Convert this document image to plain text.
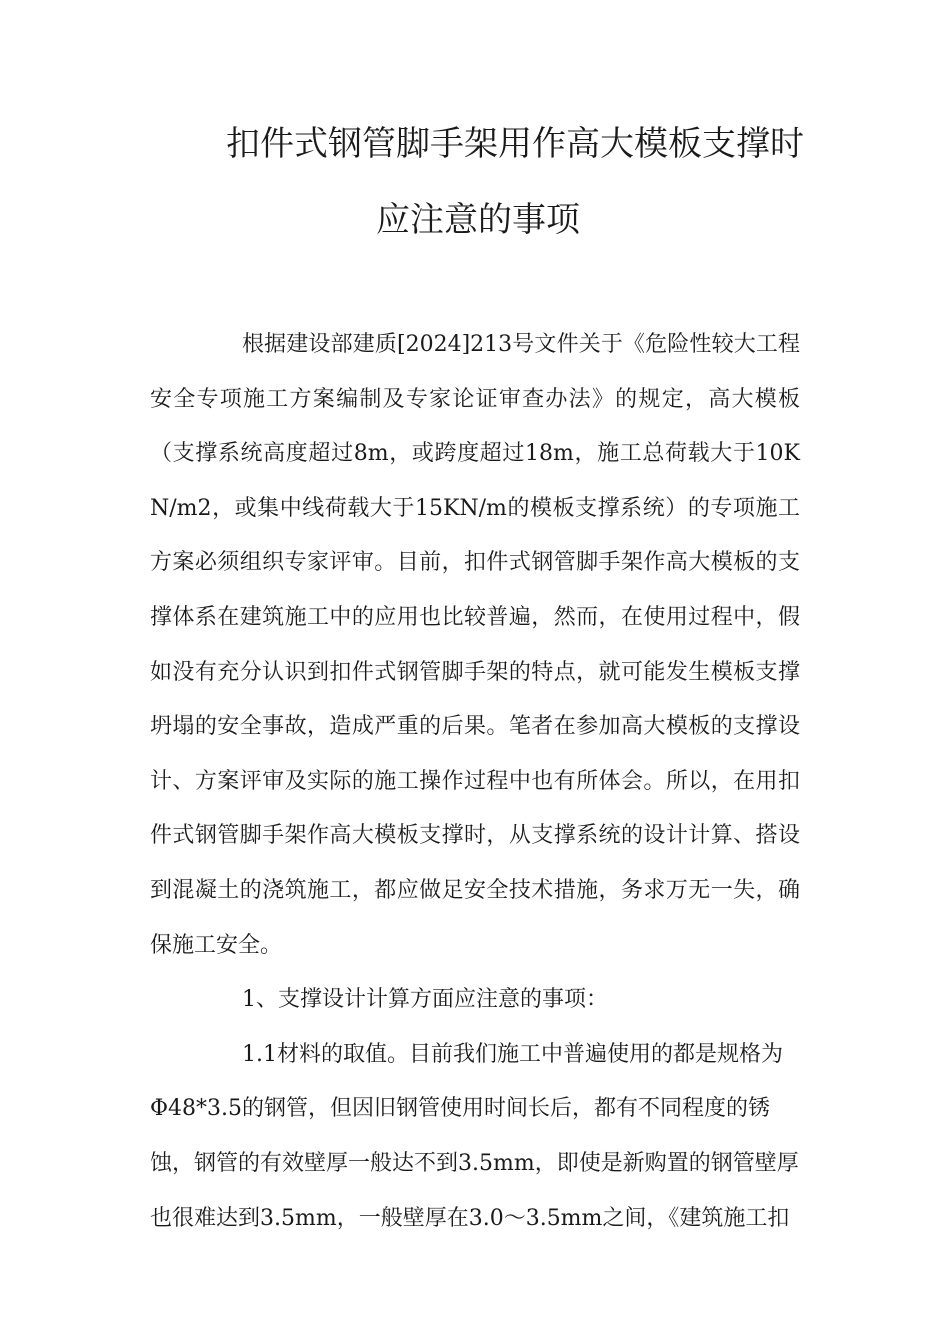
扣件式钢管脚手架用作高大模板支撑时
应注意的事项

根据建设部建质[2024]213号文件关于《危险性较大工程安全专项施工方案编制及专家论证审查办法》的规定，高大模板（支撑系统高度超过8m，或跨度超过18m，施工总荷载大于10KN/m2，或集中线荷载大于15KN/m的模板支撑系统）的专项施工方案必须组织专家评审。目前，扣件式钢管脚手架作高大模板的支撑体系在建筑施工中的应用也比较普遍，然而，在使用过程中，假如没有充分认识到扣件式钢管脚手架的特点，就可能发生模板支撑坍塌的安全事故，造成严重的后果。笔者在参加高大模板的支撑设计、方案评审及实际的施工操作过程中也有所体会。所以，在用扣件式钢管脚手架作高大模板支撑时，从支撑系统的设计计算、搭设到混凝土的浇筑施工，都应做足安全技术措施，务求万无一失，确保施工安全。

1、支撑设计计算方面应注意的事项：

1.1材料的取值。目前我们施工中普遍使用的都是规格为Φ48*3.5的钢管，但因旧钢管使用时间长后，都有不同程度的锈蚀，钢管的有效壁厚一般达不到3.5mm，即使是新购置的钢管壁厚也很难达到3.5mm，一般壁厚在3.0～3.5mm之间，《建筑施工扣
